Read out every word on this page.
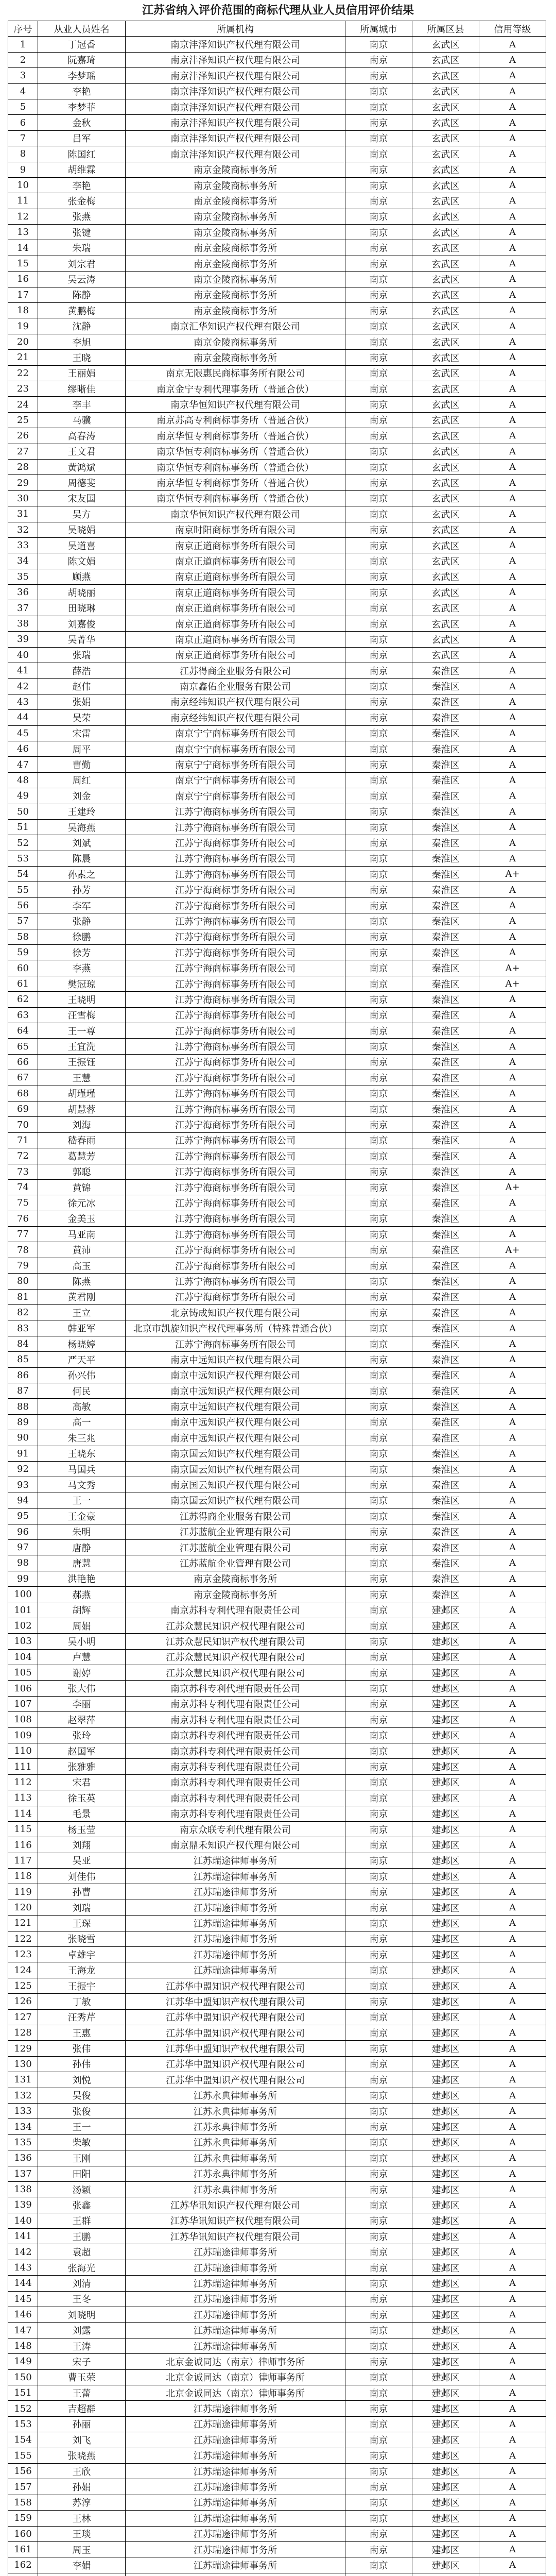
江苏省纳入评价范围的商标代理从业人员信用评价结果
序号	从业人员姓名	所属机构	所属城市	所属区县	信用等级
1	丁冠香	南京沣泽知识产权代理有限公司	南京	玄武区	A
2	阮嘉琦	南京沣泽知识产权代理有限公司	南京	玄武区	A
3	李梦瑶	南京沣泽知识产权代理有限公司	南京	玄武区	A
4	李艳	南京沣泽知识产权代理有限公司	南京	玄武区	A
5	李梦菲	南京沣泽知识产权代理有限公司	南京	玄武区	A
6	金秋	南京沣泽知识产权代理有限公司	南京	玄武区	A
7	吕军	南京沣泽知识产权代理有限公司	南京	玄武区	A
8	陈国红	南京沣泽知识产权代理有限公司	南京	玄武区	A
9	胡维霖	南京金陵商标事务所	南京	玄武区	A
10	李艳	南京金陵商标事务所	南京	玄武区	A
11	张金梅	南京金陵商标事务所	南京	玄武区	A
12	张燕	南京金陵商标事务所	南京	玄武区	A
13	张键	南京金陵商标事务所	南京	玄武区	A
14	朱瑞	南京金陵商标事务所	南京	玄武区	A
15	刘宗君	南京金陵商标事务所	南京	玄武区	A
16	吴云涛	南京金陵商标事务所	南京	玄武区	A
17	陈静	南京金陵商标事务所	南京	玄武区	A
18	黄鹏梅	南京金陵商标事务所	南京	玄武区	A
19	沈静	南京汇华知识产权代理有限公司	南京	玄武区	A
20	李旭	南京金陵商标事务所	南京	玄武区	A
21	王晓	南京金陵商标事务所	南京	玄武区	A
22	王丽娟	南京无限惠民商标事务所有限公司	南京	玄武区	A
23	缪晰佳	南京金宁专利代理事务所（普通合伙）	南京	玄武区	A
24	李丰	南京华恒知识产权代理有限公司	南京	玄武区	A
25	马骥	南京苏高专利商标事务所（普通合伙）	南京	玄武区	A
26	高春涛	南京华恒专利商标事务所（普通合伙）	南京	玄武区	A
27	王文君	南京华恒专利商标事务所（普通合伙）	南京	玄武区	A
28	黄鸿斌	南京华恒专利商标事务所（普通合伙）	南京	玄武区	A
29	周德斐	南京华恒专利商标事务所（普通合伙）	南京	玄武区	A
30	宋友国	南京华恒专利商标事务所（普通合伙）	南京	玄武区	A
31	吴方	南京华恒知识产权代理有限公司	南京	玄武区	A
32	吴晓娟	南京时阳商标事务所有限公司	南京	玄武区	A
33	吴道喜	南京正道商标事务所有限公司	南京	玄武区	A
34	陈文娟	南京正道商标事务所有限公司	南京	玄武区	A
35	顾燕	南京正道商标事务所有限公司	南京	玄武区	A
36	胡晓丽	南京正道商标事务所有限公司	南京	玄武区	A
37	田晓琳	南京正道商标事务所有限公司	南京	玄武区	A
38	刘嘉俊	南京正道商标事务所有限公司	南京	玄武区	A
39	吴菁华	南京正道商标事务所有限公司	南京	玄武区	A
40	张瑞	南京正道商标事务所有限公司	南京	玄武区	A
41	薛浩	江苏得商企业服务有限公司	南京	秦淮区	A
42	赵伟	南京鑫佑企业服务有限公司	南京	秦淮区	A
43	张娟	南京经纬知识产权代理有限公司	南京	秦淮区	A
44	吴荣	南京经纬知识产权代理有限公司	南京	秦淮区	A
45	宋雷	南京宁宁商标事务所有限公司	南京	秦淮区	A
46	周平	南京宁宁商标事务所有限公司	南京	秦淮区	A
47	曹勤	南京宁宁商标事务所有限公司	南京	秦淮区	A
48	周红	南京宁宁商标事务所有限公司	南京	秦淮区	A
49	刘金	南京宁宁商标事务所有限公司	南京	秦淮区	A
50	王建玲	江苏宁海商标事务所有限公司	南京	秦淮区	A
51	吴海燕	江苏宁海商标事务所有限公司	南京	秦淮区	A
52	刘斌	江苏宁海商标事务所有限公司	南京	秦淮区	A
53	陈晨	江苏宁海商标事务所有限公司	南京	秦淮区	A
54	孙素之	江苏宁海商标事务所有限公司	南京	秦淮区	A+
55	孙芳	江苏宁海商标事务所有限公司	南京	秦淮区	A
56	李军	江苏宁海商标事务所有限公司	南京	秦淮区	A
57	张静	江苏宁海商标事务所有限公司	南京	秦淮区	A
58	徐鹏	江苏宁海商标事务所有限公司	南京	秦淮区	A
59	徐芳	江苏宁海商标事务所有限公司	南京	秦淮区	A
60	李燕	江苏宁海商标事务所有限公司	南京	秦淮区	A+
61	樊冠琼	江苏宁海商标事务所有限公司	南京	秦淮区	A+
62	王晓明	江苏宁海商标事务所有限公司	南京	秦淮区	A
63	汪雪梅	江苏宁海商标事务所有限公司	南京	秦淮区	A
64	王一尊	江苏宁海商标事务所有限公司	南京	秦淮区	A
65	王宜洗	江苏宁海商标事务所有限公司	南京	秦淮区	A
66	王振钰	江苏宁海商标事务所有限公司	南京	秦淮区	A
67	王慧	江苏宁海商标事务所有限公司	南京	秦淮区	A
68	胡瑾瑾	江苏宁海商标事务所有限公司	南京	秦淮区	A
69	胡慧蓉	江苏宁海商标事务所有限公司	南京	秦淮区	A
70	刘海	江苏宁海商标事务所有限公司	南京	秦淮区	A
71	嵇春雨	江苏宁海商标事务所有限公司	南京	秦淮区	A
72	葛慧芳	江苏宁海商标事务所有限公司	南京	秦淮区	A
73	郭聪	江苏宁海商标事务所有限公司	南京	秦淮区	A
74	黄锦	江苏宁海商标事务所有限公司	南京	秦淮区	A+
75	徐元冰	江苏宁海商标事务所有限公司	南京	秦淮区	A
76	金美玉	江苏宁海商标事务所有限公司	南京	秦淮区	A
77	马亚南	江苏宁海商标事务所有限公司	南京	秦淮区	A
78	黄沛	江苏宁海商标事务所有限公司	南京	秦淮区	A+
79	高玉	江苏宁海商标事务所有限公司	南京	秦淮区	A
80	陈燕	江苏宁海商标事务所有限公司	南京	秦淮区	A
81	黄君刚	江苏宁海商标事务所有限公司	南京	秦淮区	A
82	王立	北京铸成知识产权代理有限公司	南京	秦淮区	A
83	韩亚军	北京市凯旋知识产权代理事务所（特殊普通合伙）	南京	秦淮区	A
84	杨晓婷	江苏宁海商标事务所有限公司	南京	秦淮区	A
85	严天平	南京中远知识产权代理有限公司	南京	秦淮区	A
86	孙兴伟	南京中远知识产权代理有限公司	南京	秦淮区	A
87	何民	南京中远知识产权代理有限公司	南京	秦淮区	A
88	高敏	南京中远知识产权代理有限公司	南京	秦淮区	A
89	高一	南京中远知识产权代理有限公司	南京	秦淮区	A
90	朱三兆	南京中远知识产权代理有限公司	南京	秦淮区	A
91	王晓东	南京国云知识产权代理有限公司	南京	秦淮区	A
92	马国兵	南京国云知识产权代理有限公司	南京	秦淮区	A
93	马文秀	南京国云知识产权代理有限公司	南京	秦淮区	A
94	王一	南京国云知识产权代理有限公司	南京	秦淮区	A
95	王金豪	江苏得商企业服务有限公司	南京	秦淮区	A
96	朱明	江苏蓝航企业管理有限公司	南京	秦淮区	A
97	唐静	江苏蓝航企业管理有限公司	南京	秦淮区	A
98	唐慧	江苏蓝航企业管理有限公司	南京	秦淮区	A
99	洪艳艳	南京金陵商标事务所	南京	秦淮区	A
100	郝燕	南京金陵商标事务所	南京	秦淮区	A
101	胡辉	南京苏科专利代理有限责任公司	南京	建邺区	A
102	周娟	江苏众慧民知识产权代理有限公司	南京	建邺区	A
103	吴小明	江苏众慧民知识产权代理有限公司	南京	建邺区	A
104	卢慧	江苏众慧民知识产权代理有限公司	南京	建邺区	A
105	谢婷	江苏众慧民知识产权代理有限公司	南京	建邺区	A
106	张大伟	南京苏科专利代理有限责任公司	南京	建邺区	A
107	李丽	南京苏科专利代理有限责任公司	南京	建邺区	A
108	赵翠萍	南京苏科专利代理有限责任公司	南京	建邺区	A
109	张玲	南京苏科专利代理有限责任公司	南京	建邺区	A
110	赵国军	南京苏科专利代理有限责任公司	南京	建邺区	A
111	张雅雅	南京苏科专利代理有限责任公司	南京	建邺区	A
112	宋君	南京苏科专利代理有限责任公司	南京	建邺区	A
113	徐玉英	南京苏科专利代理有限责任公司	南京	建邺区	A
114	毛景	南京苏科专利代理有限责任公司	南京	建邺区	A
115	杨玉莹	南京众联专利代理有限公司	南京	建邺区	A
116	刘翔	南京鼎禾知识产权代理有限公司	南京	建邺区	A
117	吴亚	江苏瑞途律师事务所	南京	建邺区	A
118	刘佳伟	江苏瑞途律师事务所	南京	建邺区	A
119	孙曹	江苏瑞途律师事务所	南京	建邺区	A
120	刘瑞	江苏瑞途律师事务所	南京	建邺区	A
121	王琛	江苏瑞途律师事务所	南京	建邺区	A
122	张晓雪	江苏瑞途律师事务所	南京	建邺区	A
123	卓雄宇	江苏瑞途律师事务所	南京	建邺区	A
124	王海龙	江苏瑞途律师事务所	南京	建邺区	A
125	王振宇	江苏华中盟知识产权代理有限公司	南京	建邺区	A
126	丁敏	江苏华中盟知识产权代理有限公司	南京	建邺区	A
127	汪秀芹	江苏华中盟知识产权代理有限公司	南京	建邺区	A
128	王惠	江苏华中盟知识产权代理有限公司	南京	建邺区	A
129	张伟	江苏华中盟知识产权代理有限公司	南京	建邺区	A
130	孙伟	江苏华中盟知识产权代理有限公司	南京	建邺区	A
131	刘悦	江苏华中盟知识产权代理有限公司	南京	建邺区	A
132	吴俊	江苏永典律师事务所	南京	建邺区	A
133	张俊	江苏永典律师事务所	南京	建邺区	A
134	王一	江苏永典律师事务所	南京	建邺区	A
135	柴敏	江苏永典律师事务所	南京	建邺区	A
136	王刚	江苏永典律师事务所	南京	建邺区	A
137	田阳	江苏永典律师事务所	南京	建邺区	A
138	汤颖	江苏永典律师事务所	南京	建邺区	A
139	张鑫	江苏华讯知识产权代理有限公司	南京	建邺区	A
140	王群	江苏华讯知识产权代理有限公司	南京	建邺区	A
141	王鹏	江苏华讯知识产权代理有限公司	南京	建邺区	A
142	袁超	江苏瑞途律师事务所	南京	建邺区	A
143	张海光	江苏瑞途律师事务所	南京	建邺区	A
144	刘清	江苏瑞途律师事务所	南京	建邺区	A
145	王冬	江苏瑞途律师事务所	南京	建邺区	A
146	刘晓明	江苏瑞途律师事务所	南京	建邺区	A
147	刘露	江苏瑞途律师事务所	南京	建邺区	A
148	王涛	江苏瑞途律师事务所	南京	建邺区	A
149	宋子	北京金诚同达（南京）律师事务所	南京	建邺区	A
150	曹玉荣	北京金诚同达（南京）律师事务所	南京	建邺区	A
151	王蕾	北京金诚同达（南京）律师事务所	南京	建邺区	A
152	吉超群	江苏瑞途律师事务所	南京	建邺区	A
153	孙丽	江苏瑞途律师事务所	南京	建邺区	A
154	刘飞	江苏瑞途律师事务所	南京	建邺区	A
155	张晓燕	江苏瑞途律师事务所	南京	建邺区	A
156	王欣	江苏瑞途律师事务所	南京	建邺区	A
157	孙娟	江苏瑞途律师事务所	南京	建邺区	A
158	苏淳	江苏瑞途律师事务所	南京	建邺区	A
159	王林	江苏瑞途律师事务所	南京	建邺区	A
160	王琰	江苏瑞途律师事务所	南京	建邺区	A
161	周玉	江苏瑞途律师事务所	南京	建邺区	A
162	李娟	江苏瑞途律师事务所	南京	建邺区	A
